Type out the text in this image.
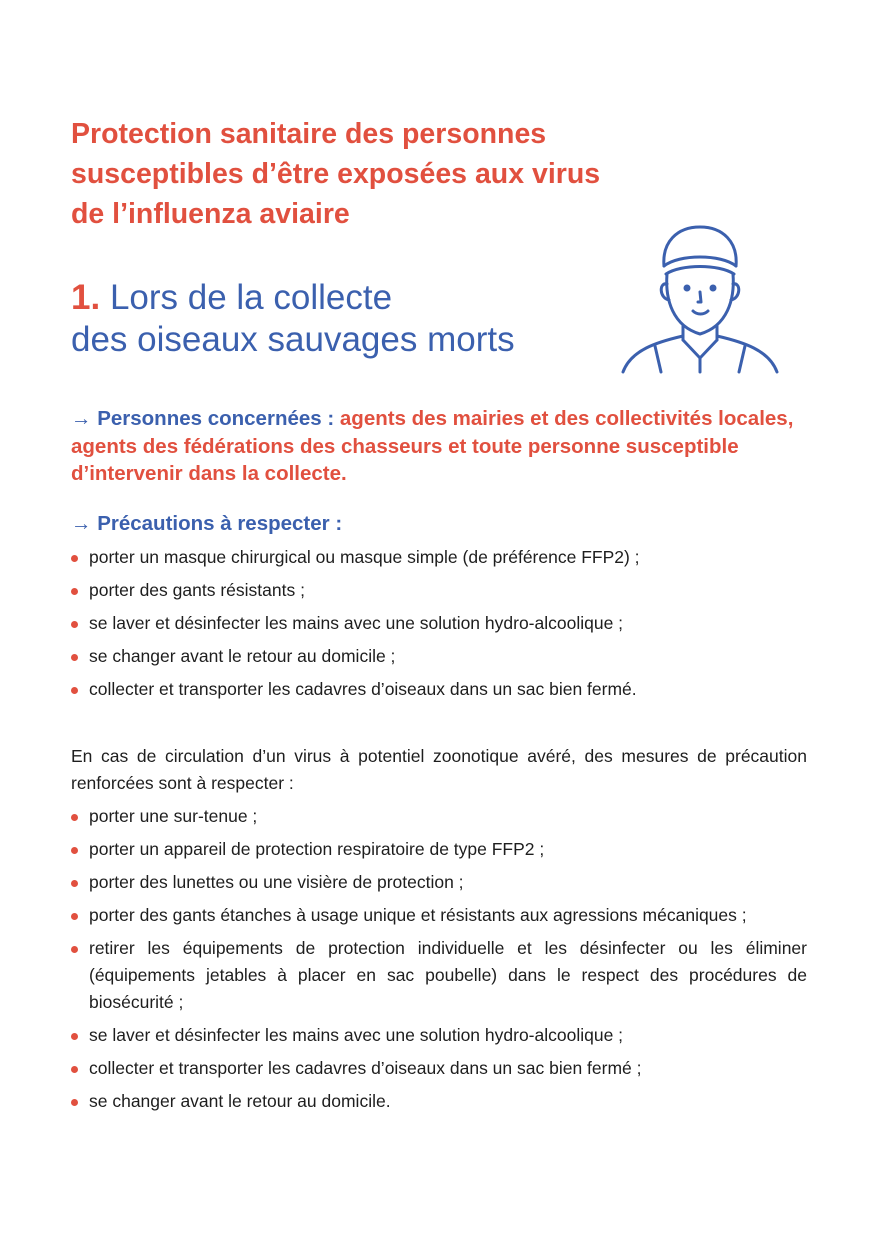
Protection sanitaire des personnes
susceptibles d’être exposées aux virus
de l’influenza aviaire
1. Lors de la collecte
des oiseaux sauvages morts

→ Personnes concernées : agents des mairies et des collectivités locales, agents des fédérations des chasseurs et toute personne susceptible d’intervenir dans la collecte.

→ Précautions à respecter :
porter un masque chirurgical ou masque simple (de préférence FFP2) ;
porter des gants résistants ;
se laver et désinfecter les mains avec une solution hydro-alcoolique ;
se changer avant le retour au domicile ;
collecter et transporter les cadavres d’oiseaux dans un sac bien fermé.

En cas de circulation d’un virus à potentiel zoonotique avéré, des mesures de précaution renforcées sont à respecter :

porter une sur-tenue ;
porter un appareil de protection respiratoire de type FFP2 ;
porter des lunettes ou une visière de protection ;
porter des gants étanches à usage unique et résistants aux agressions mécaniques ;
retirer les équipements de protection individuelle et les désinfecter ou les éliminer (équipements jetables à placer en sac poubelle) dans le respect des procédures de biosécurité ;
se laver et désinfecter les mains avec une solution hydro-alcoolique ;
collecter et transporter les cadavres d’oiseaux dans un sac bien fermé ;
se changer avant le retour au domicile.
